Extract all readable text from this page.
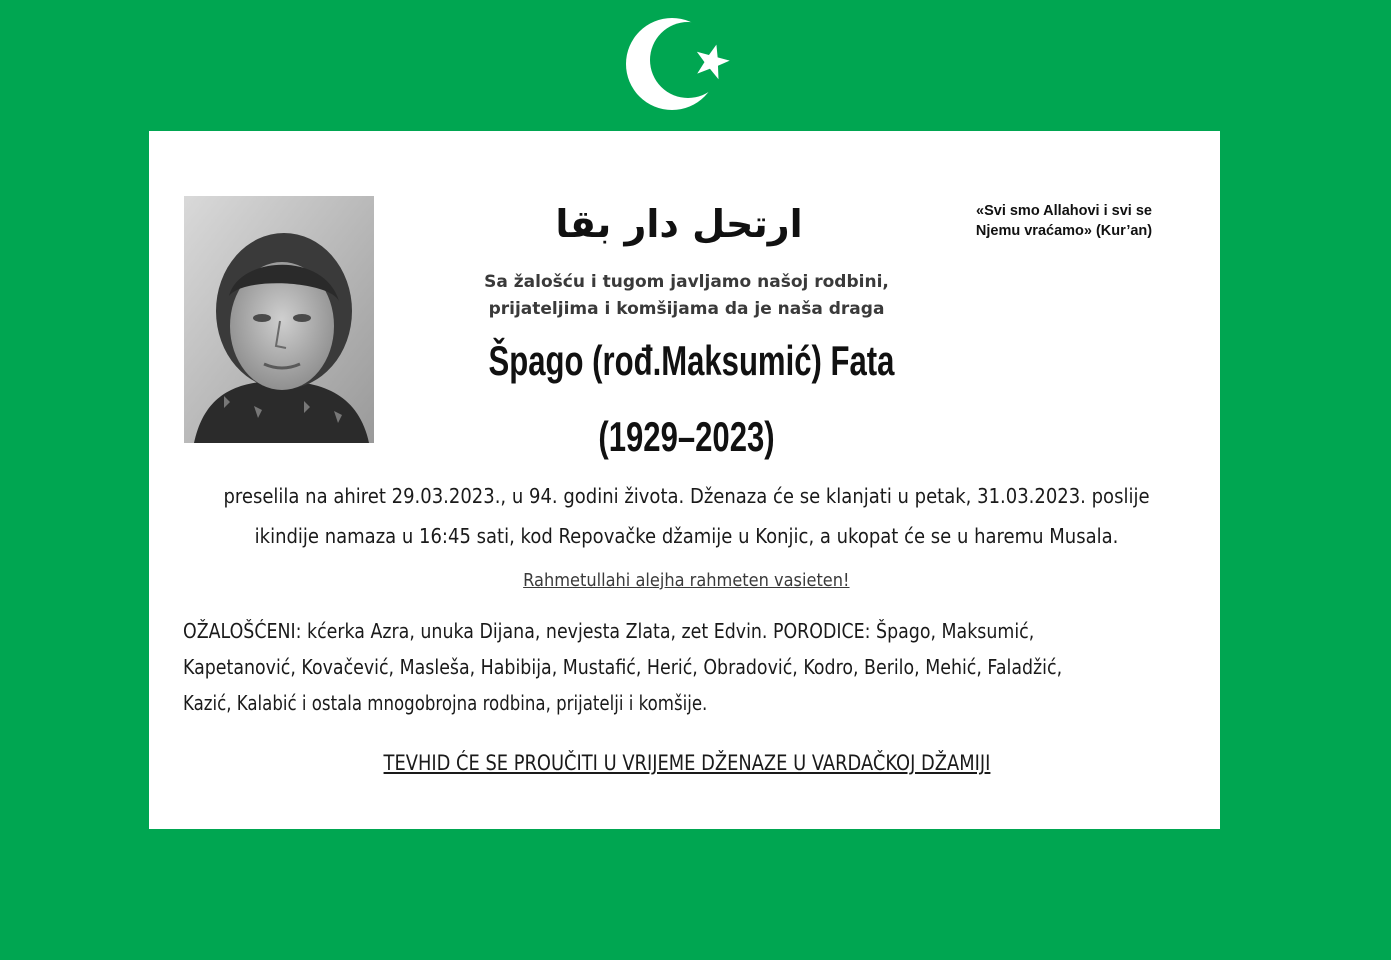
ارتحل دار بقا	«Svi smo Allahovi i svi se
Njemu vraćamo» (Kur’an)
Sa žalošću i tugom javljamo našoj rodbini,
prijateljima i komšijama da je naša draga
Špago (rođ.Maksumić) Fata
(1929–2023)
preselila na ahiret 29.03.2023., u 94. godini života. Dženaza će se klanjati u petak, 31.03.2023. poslije
ikindije namaza u 16:45 sati, kod Repovačke džamije u Konjic, a ukopat će se u haremu Musala.
Rahmetullahi alejha rahmeten vasieten!
OŽALOŠĆENI: kćerka Azra, unuka Dijana, nevjesta Zlata, zet Edvin. PORODICE: Špago, Maksumić,
Kapetanović, Kovačević, Masleša, Habibija, Mustafić, Herić, Obradović, Kodro, Berilo, Mehić, Faladžić,
Kazić, Kalabić i ostala mnogobrojna rodbina, prijatelji i komšije.
TEVHID ĆE SE PROUČITI U VRIJEME DŽENAZE U VARDAČKOJ DŽAMIJI
